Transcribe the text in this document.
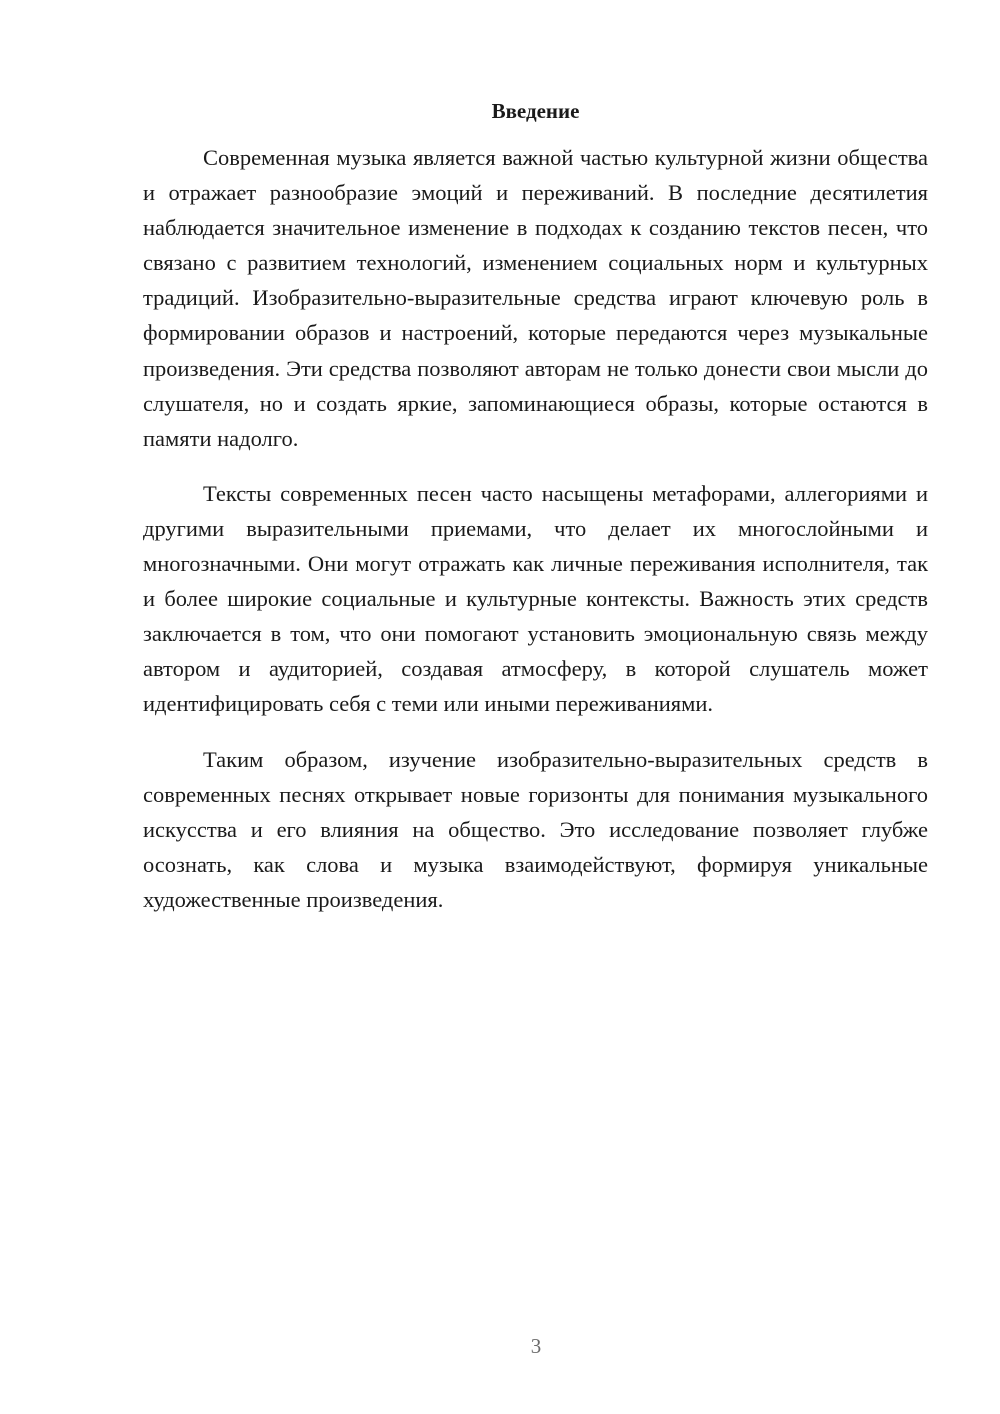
Введение

Современная музыка является важной частью культурной жизни общества и отражает разнообразие эмоций и переживаний. В последние десятилетия наблюдается значительное изменение в подходах к созданию текстов песен, что связано с развитием технологий, изменением социальных норм и культурных традиций. Изобразительно-выразительные средства играют ключевую роль в формировании образов и настроений, которые передаются через музыкальные произведения. Эти средства позволяют авторам не только донести свои мысли до слушателя, но и создать яркие, запоминающиеся образы, которые остаются в памяти надолго.

Тексты современных песен часто насыщены метафорами, аллегориями и другими выразительными приемами, что делает их многослойными и многозначными. Они могут отражать как личные переживания исполнителя, так и более широкие социальные и культурные контексты. Важность этих средств заключается в том, что они помогают установить эмоциональную связь между автором и аудиторией, создавая атмосферу, в которой слушатель может идентифицировать себя с теми или иными переживаниями.

Таким образом, изучение изобразительно-выразительных средств в современных песнях открывает новые горизонты для понимания музыкального искусства и его влияния на общество. Это исследование позволяет глубже осознать, как слова и музыка взаимодействуют, формируя уникальные художественные произведения.

3
